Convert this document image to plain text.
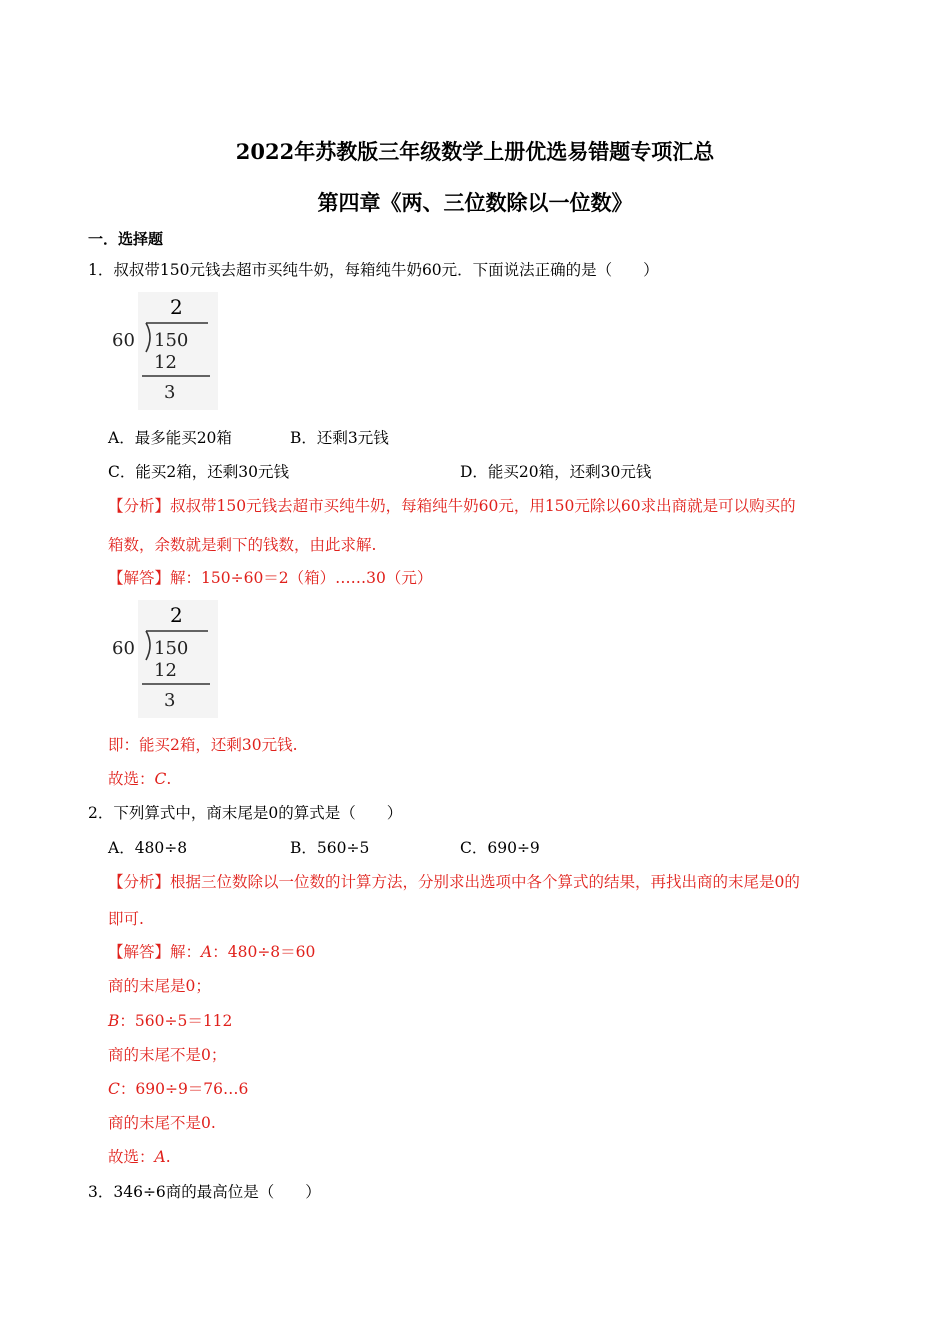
2022年苏教版三年级数学上册优选易错题专项汇总
第四章《两、三位数除以一位数》
一．选择题
1．叔叔带150元钱去超市买纯牛奶，每箱纯牛奶60元．下面说法正确的是（　　）
2
60 150
12
3
A．最多能买20箱	B．还剩3元钱
C．能买2箱，还剩30元钱	D．能买20箱，还剩30元钱
【分析】叔叔带150元钱去超市买纯牛奶，每箱纯牛奶60元，用150元除以60求出商就是可以购买的
箱数，余数就是剩下的钱数，由此求解.
【解答】解：150÷60＝2（箱）……30（元）
2
60 150
12
3
即：能买2箱，还剩30元钱.
故选：C.
2．下列算式中，商末尾是0的算式是（　　）
A．480÷8	B．560÷5	C．690÷9
【分析】根据三位数除以一位数的计算方法，分别求出选项中各个算式的结果，再找出商的末尾是0的
即可.
【解答】解：A：480÷8＝60
商的末尾是0；
B：560÷5＝112
商的末尾不是0；
C：690÷9＝76…6
商的末尾不是0.
故选：A.
3．346÷6商的最高位是（　　）
